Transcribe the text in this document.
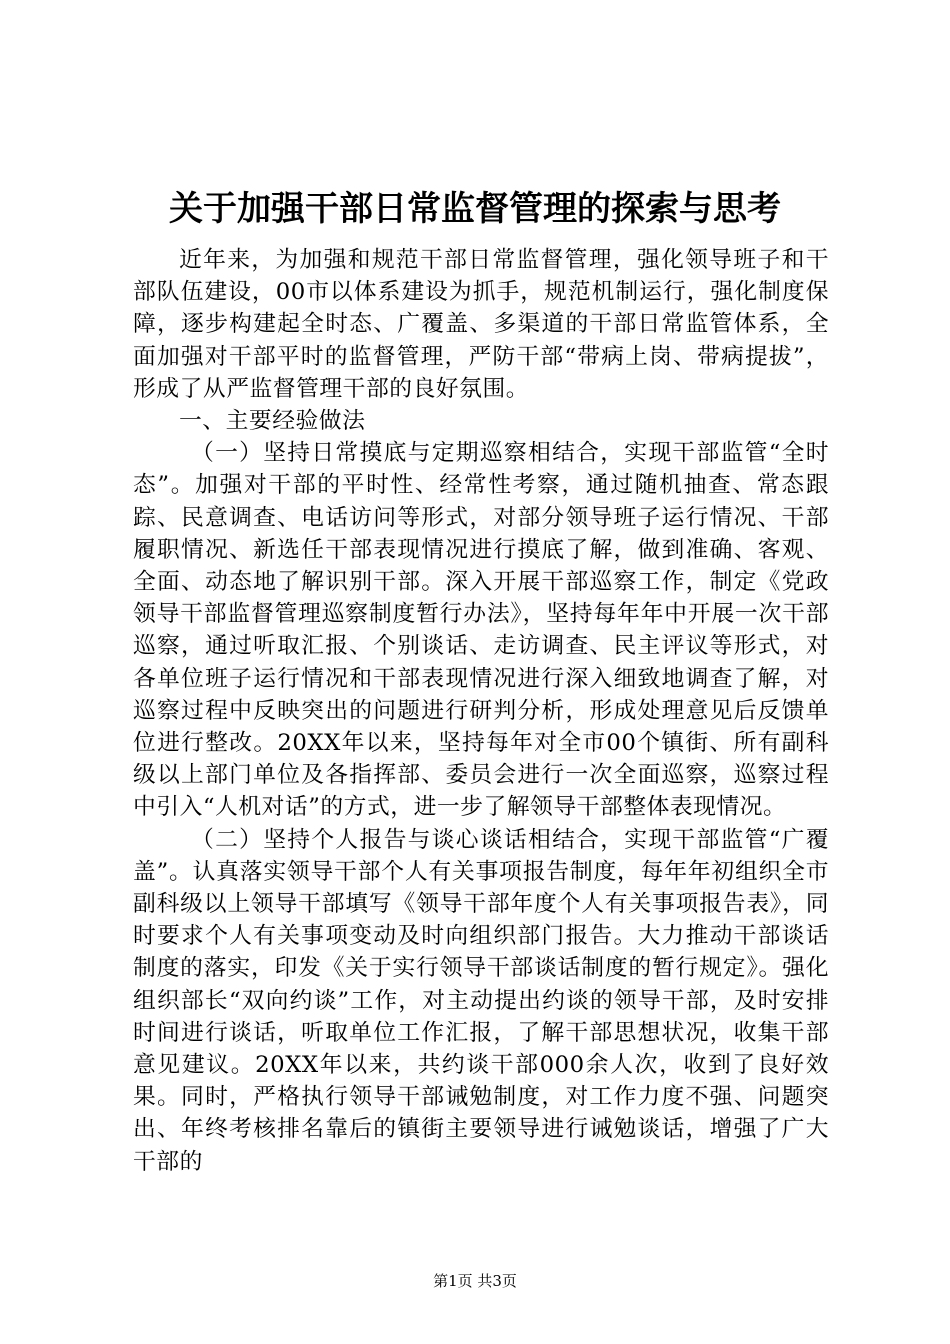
关于加强干部日常监督管理的探索与思考

近年来，为加强和规范干部日常监督管理，强化领导班子和干部队伍建设，00市以体系建设为抓手，规范机制运行，强化制度保障，逐步构建起全时态、广覆盖、多渠道的干部日常监管体系，全面加强对干部平时的监督管理，严防干部“带病上岗、带病提拔”，形成了从严监督管理干部的良好氛围。

一、主要经验做法

（一）坚持日常摸底与定期巡察相结合，实现干部监管“全时态”。加强对干部的平时性、经常性考察，通过随机抽查、常态跟踪、民意调查、电话访问等形式，对部分领导班子运行情况、干部履职情况、新选任干部表现情况进行摸底了解，做到准确、客观、全面、动态地了解识别干部。深入开展干部巡察工作，制定《党政领导干部监督管理巡察制度暂行办法》，坚持每年年中开展一次干部巡察，通过听取汇报、个别谈话、走访调查、民主评议等形式，对各单位班子运行情况和干部表现情况进行深入细致地调查了解，对巡察过程中反映突出的问题进行研判分析，形成处理意见后反馈单位进行整改。20XX年以来，坚持每年对全市00个镇街、所有副科级以上部门单位及各指挥部、委员会进行一次全面巡察，巡察过程中引入“人机对话”的方式，进一步了解领导干部整体表现情况。

（二）坚持个人报告与谈心谈话相结合，实现干部监管“广覆盖”。认真落实领导干部个人有关事项报告制度，每年年初组织全市副科级以上领导干部填写《领导干部年度个人有关事项报告表》，同时要求个人有关事项变动及时向组织部门报告。大力推动干部谈话制度的落实，印发《关于实行领导干部谈话制度的暂行规定》。强化组织部长“双向约谈”工作，对主动提出约谈的领导干部，及时安排时间进行谈话，听取单位工作汇报，了解干部思想状况，收集干部意见建议。20XX年以来，共约谈干部000余人次，收到了良好效果。同时，严格执行领导干部诫勉制度，对工作力度不强、问题突出、年终考核排名靠后的镇街主要领导进行诫勉谈话，增强了广大干部的

第1页 共3页
